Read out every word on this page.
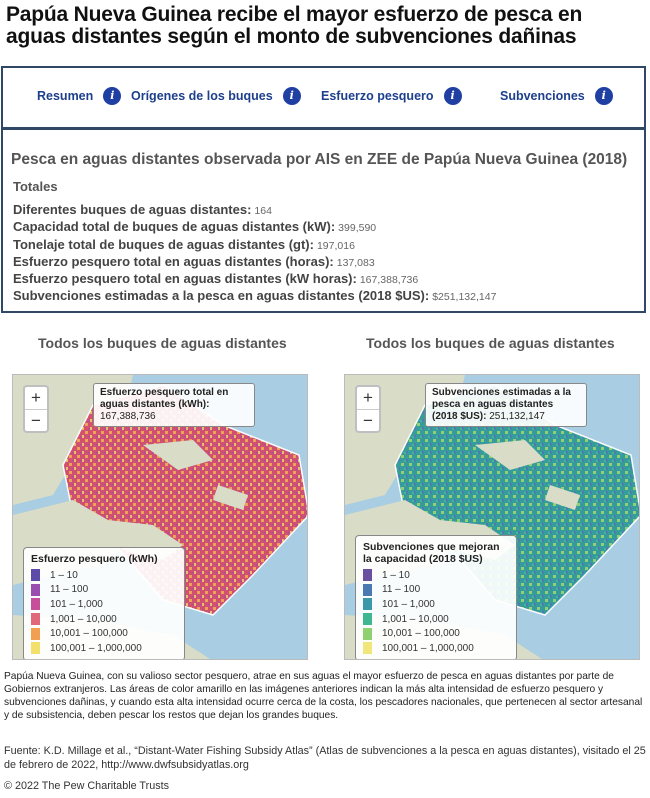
Papúa Nueva Guinea recibe el mayor esfuerzo de pesca en aguas distantes según el monto de subvenciones dañinas
Resumen	i	Orígenes de los buques	i	Esfuerzo pesquero	i	Subvenciones	i
Pesca en aguas distantes observada por AIS en ZEE de Papúa Nueva Guinea (2018)
Totales
Diferentes buques de aguas distantes: 164
Capacidad total de buques de aguas distantes (kW): 399,590
Tonelaje total de buques de aguas distantes (gt): 197,016
Esfuerzo pesquero total en aguas distantes (horas): 137,083
Esfuerzo pesquero total en aguas distantes (kW horas): 167,388,736
Subvenciones estimadas a la pesca en aguas distantes (2018 $US): $251,132,147
Todos los buques de aguas distantes	Todos los buques de aguas distantes
+
−
Esfuerzo pesquero total en aguas distantes (kWh): 167,388,736
Esfuerzo pesquero (kWh)
1 – 10
11 – 100
101 – 1,000
1,001 – 10,000
10,001 – 100,000
100,001 – 1,000,000
+
−
Subvenciones estimadas a la pesca en aguas distantes (2018 $US): 251,132,147
Subvenciones que mejoran la capacidad (2018 $US)
1 – 10
11 – 100
101 – 1,000
1,001 – 10,000
10,001 – 100,000
100,001 – 1,000,000

Papúa Nueva Guinea, con su valioso sector pesquero, atrae en sus aguas el mayor esfuerzo de pesca en aguas distantes por parte de Gobiernos extranjeros. Las áreas de color amarillo en las imágenes anteriores indican la más alta intensidad de esfuerzo pesquero y subvenciones dañinas, y cuando esta alta intensidad ocurre cerca de la costa, los pescadores nacionales, que pertenecen al sector artesanal y de subsistencia, deben pescar los restos que dejan los grandes buques.

Fuente: K.D. Millage et al., “Distant-Water Fishing Subsidy Atlas” (Atlas de subvenciones a la pesca en aguas distantes), visitado el 25 de febrero de 2022, http://www.dwfsubsidyatlas.org

© 2022 The Pew Charitable Trusts
